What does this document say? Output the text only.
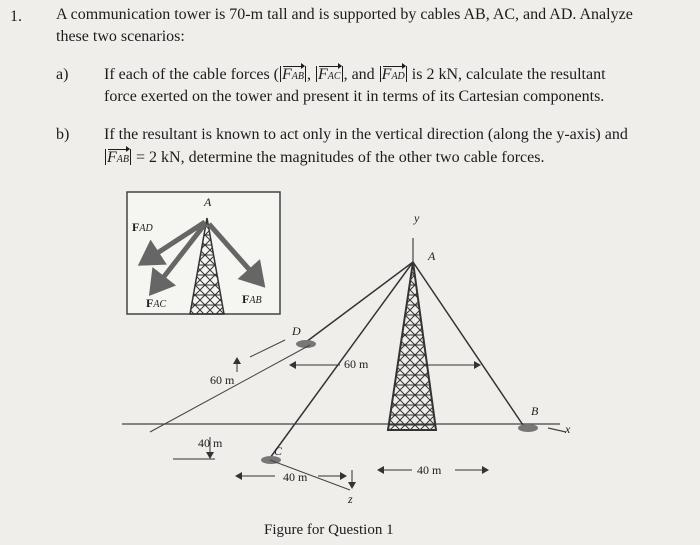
1. A communication tower is 70-m tall and is supported by cables AB, AC, and AD. Analyze
these two scenarios:
a) If each of the cable forces ( FAB , FAC , and FAD is 2 kN, calculate the resultant
force exerted on the tower and present it in terms of its Cartesian components.
b) If the resultant is known to act only in the vertical direction (along the y-axis) and
FAB = 2 kN, determine the magnitudes of the other two cable forces.
A
FAD
FAC	FAB
y
A
D
B
C
x
z
60 m
60 m
40 m
40 m	40 m
Figure for Question 1
